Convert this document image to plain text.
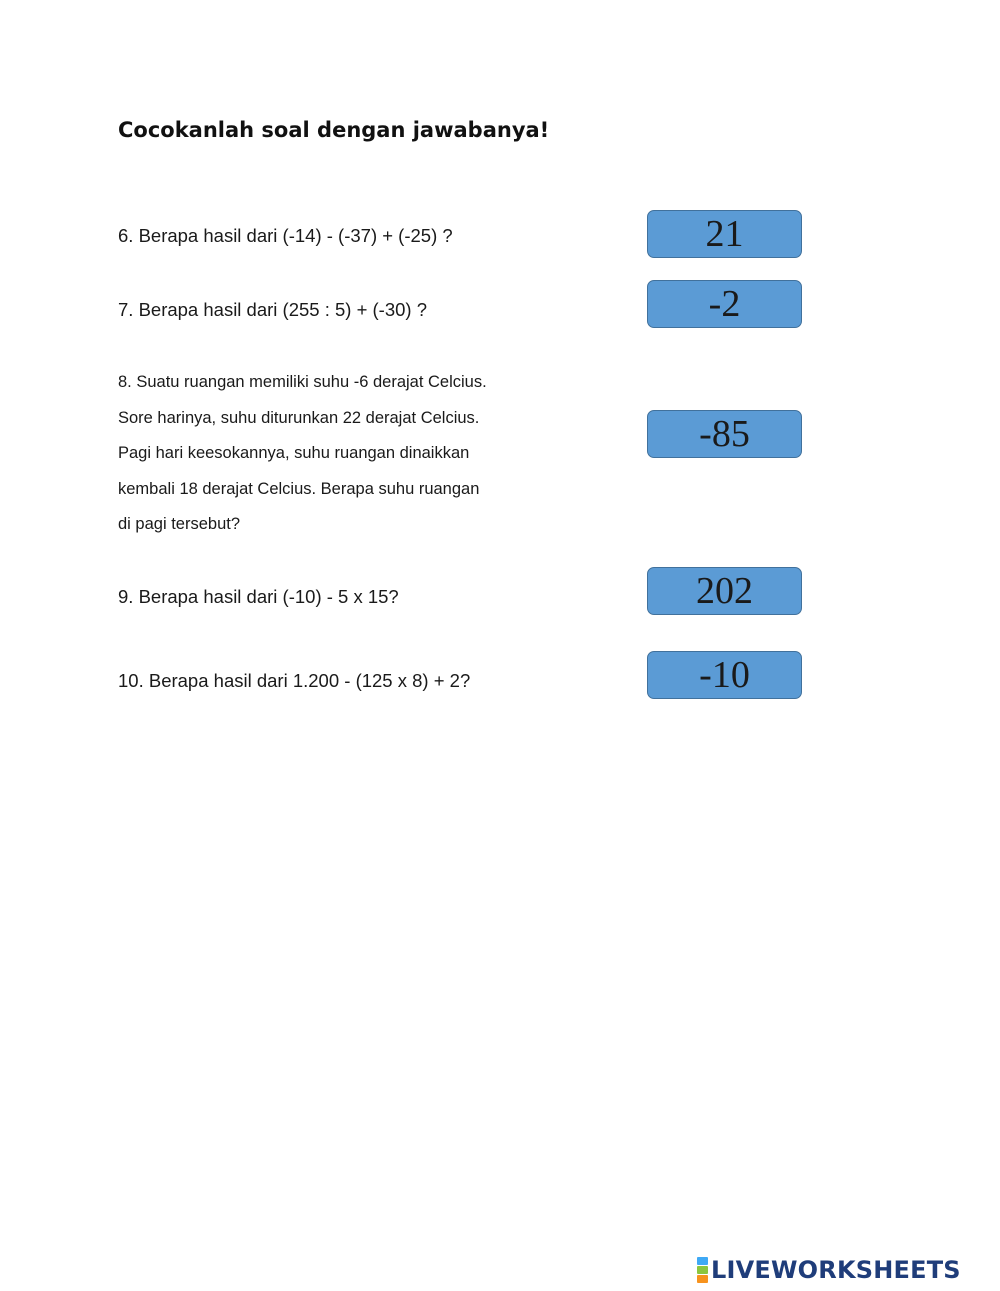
Cocokanlah soal dengan jawabanya!
6. Berapa hasil dari (-14) - (-37) + (-25) ?
7. Berapa hasil dari (255 : 5) + (-30) ?
8. Suatu ruangan memiliki suhu -6 derajat Celcius.
Sore harinya, suhu diturunkan 22 derajat Celcius.
Pagi hari keesokannya, suhu ruangan dinaikkan
kembali 18 derajat Celcius. Berapa suhu ruangan
di pagi tersebut?
9. Berapa hasil dari (-10) - 5 x 15?
10. Berapa hasil dari 1.200 - (125 x 8) + 2?
21
-2
-85
202
-10
LIVEWORKSHEETS
